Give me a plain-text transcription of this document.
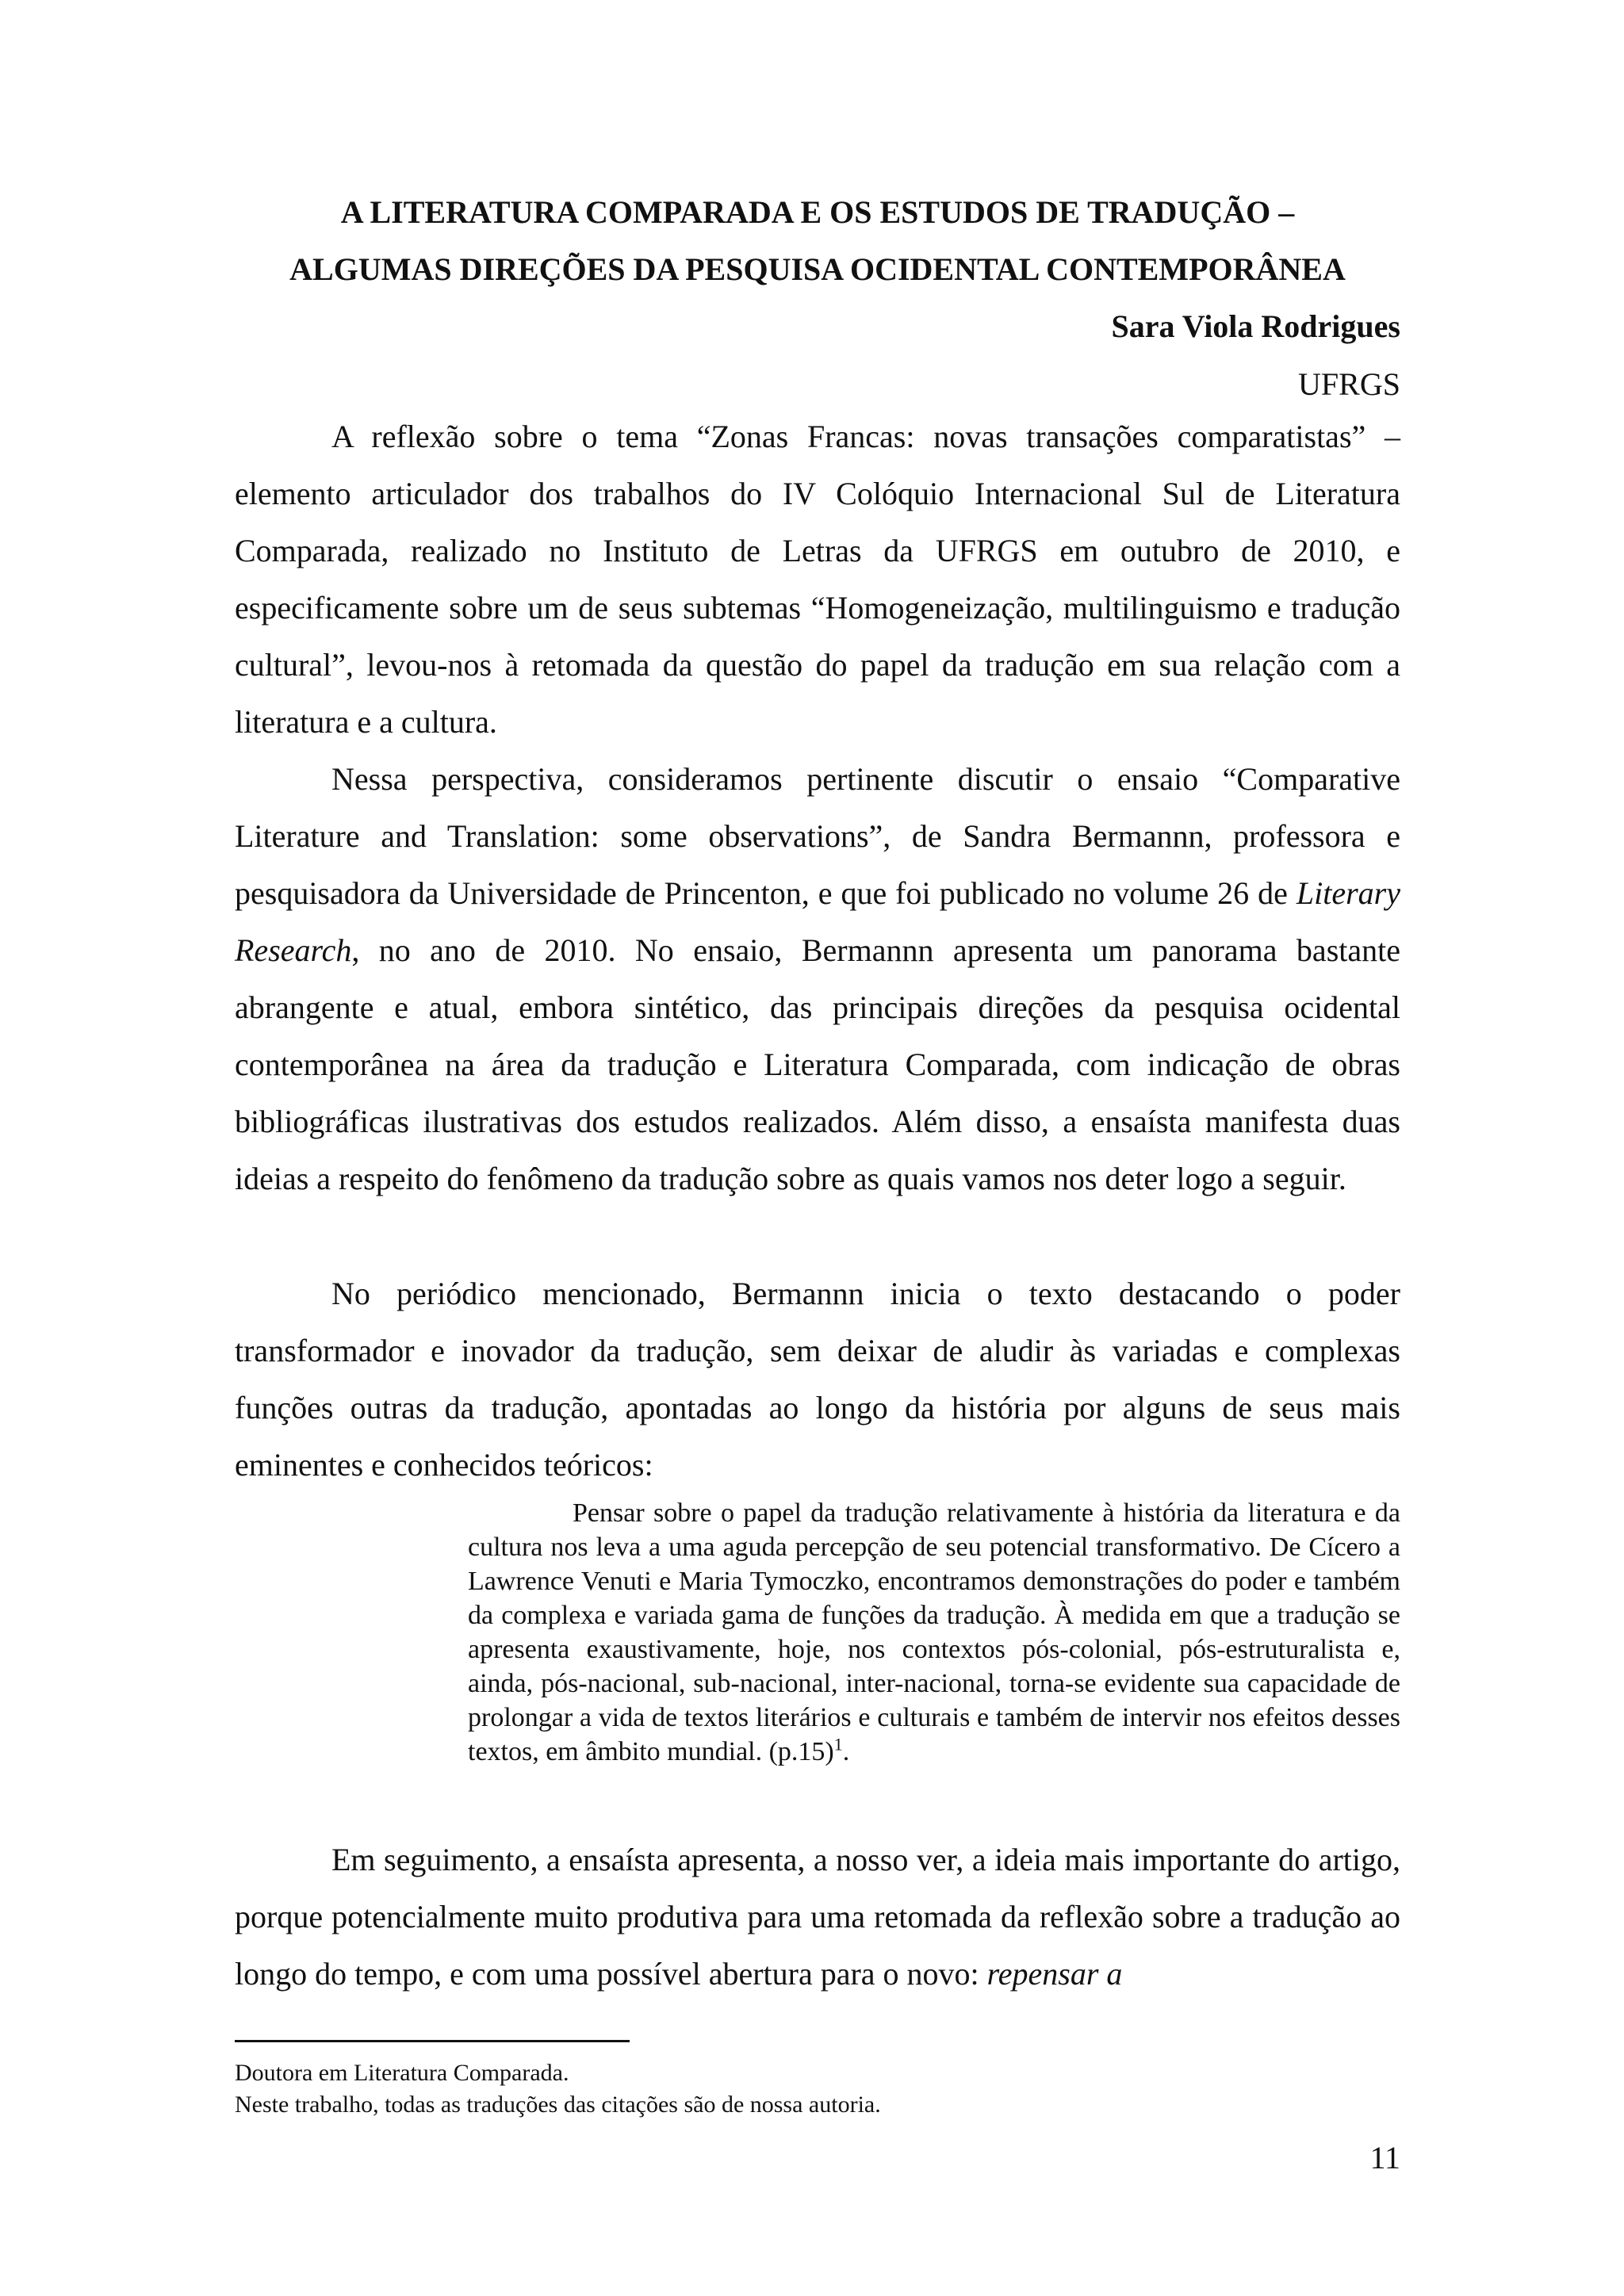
A LITERATURA COMPARADA E OS ESTUDOS DE TRADUÇÃO –
ALGUMAS DIREÇÕES DA PESQUISA OCIDENTAL CONTEMPORÂNEA
Sara Viola Rodrigues
UFRGS

A reflexão sobre o tema “Zonas Francas: novas transações comparatistas” – elemento articulador dos trabalhos do IV Colóquio Internacional Sul de Literatura Comparada, realizado no Instituto de Letras da UFRGS em outubro de 2010, e especificamente sobre um de seus subtemas “Homogeneização, multilinguismo e tradução cultural”, levou-nos à retomada da questão do papel da tradução em sua relação com a literatura e a cultura.

Nessa perspectiva, consideramos pertinente discutir o ensaio “Comparative Literature and Translation: some observations”, de Sandra Bermannn, professora e pesquisadora da Universidade de Princenton, e que foi publicado no volume 26 de Literary Research, no ano de 2010. No ensaio, Bermannn apresenta um panorama bastante abrangente e atual, embora sintético, das principais direções da pesquisa ocidental contemporânea na área da tradução e Literatura Comparada, com indicação de obras bibliográficas ilustrativas dos estudos realizados. Além disso, a ensaísta manifesta duas ideias a respeito do fenômeno da tradução sobre as quais vamos nos deter logo a seguir.

No periódico mencionado, Bermannn inicia o texto destacando o poder transformador e inovador da tradução, sem deixar de aludir às variadas e complexas funções outras da tradução, apontadas ao longo da história por alguns de seus mais eminentes e conhecidos teóricos:

Pensar sobre o papel da tradução relativamente à história da literatura e da cultura nos leva a uma aguda percepção de seu potencial transformativo. De Cícero a Lawrence Venuti e Maria Tymoczko, encontramos demonstrações do poder e também da complexa e variada gama de funções da tradução. À medida em que a tradução se apresenta exaustivamente, hoje, nos contextos pós-colonial, pós-estruturalista e, ainda, pós-nacional, sub-nacional, inter-nacional, torna-se evidente sua capacidade de prolongar a vida de textos literários e culturais e também de intervir nos efeitos desses textos, em âmbito mundial. $(p.15)^1$.

Em seguimento, a ensaísta apresenta, a nosso ver, a ideia mais importante do artigo, porque potencialmente muito produtiva para uma retomada da reflexão sobre a tradução ao longo do tempo, e com uma possível abertura para o novo: repensar a

Doutora em Literatura Comparada.
Neste trabalho, todas as traduções das citações são de nossa autoria.
11
